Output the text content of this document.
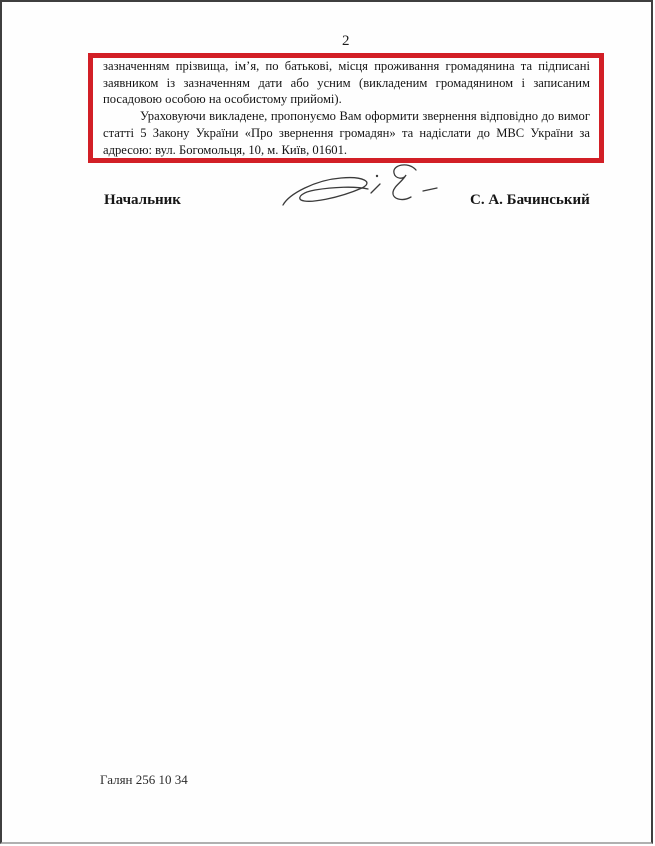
2

зазначенням прізвища, ім’я, по батькові, місця проживання громадянина та підписані заявником із зазначенням дати або усним (викладеним громадянином і записаним посадовою особою на особистому прийомі).

Ураховуючи викладене, пропонуємо Вам оформити звернення відповідно до вимог статті 5 Закону України «Про звернення громадян» та надіслати до МВС України за адресою: вул. Богомольця, 10, м. Київ, 01601.

Начальник	С. А. Бачинський
Галян 256 10 34
